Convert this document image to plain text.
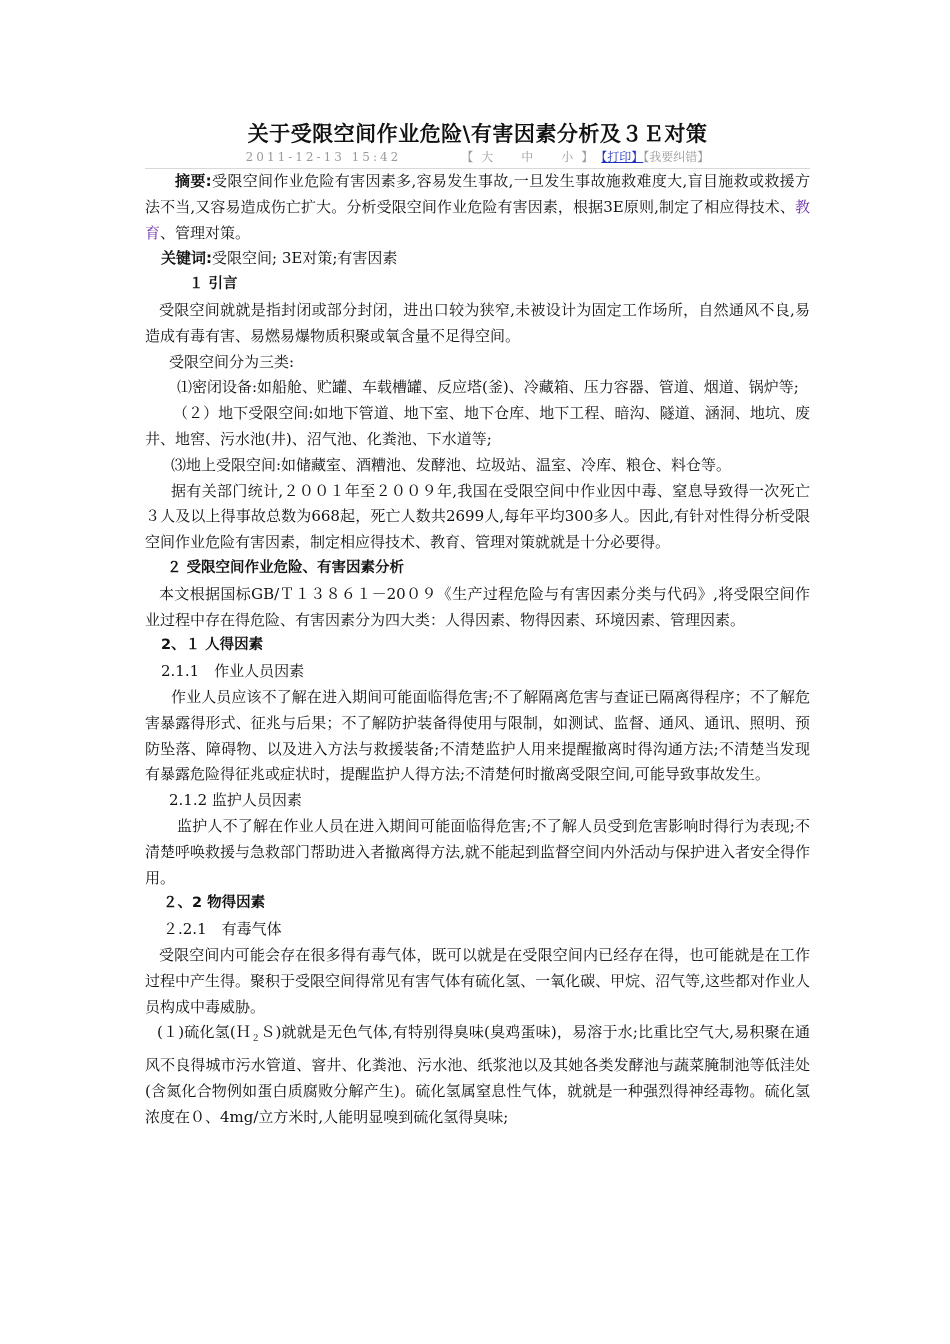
关于受限空间作业危险\有害因素分析及３Ｅ对策
2011-12-13 15:42	【大　中　小】【打印】【我要纠错】

摘要:受限空间作业危险有害因素多,容易发生事故,一旦发生事故施救难度大,盲目施救或救援方法不当,又容易造成伤亡扩大。分析受限空间作业危险有害因素，根据3E原则,制定了相应得技术、教育、管理对策。

关键词:受限空间; 3E对策;有害因素

１ 引言

受限空间就就是指封闭或部分封闭，进出口较为狭窄,未被设计为固定工作场所，自然通风不良,易造成有毒有害、易燃易爆物质积聚或氧含量不足得空间。

受限空间分为三类:

⑴密闭设备:如船舱、贮罐、车载槽罐、反应塔(釜)、冷藏箱、压力容器、管道、烟道、锅炉等;

（２）地下受限空间:如地下管道、地下室、地下仓库、地下工程、暗沟、隧道、涵洞、地坑、废井、地窖、污水池(井)、沼气池、化粪池、下水道等;

⑶地上受限空间:如储藏室、酒糟池、发酵池、垃圾站、温室、冷库、粮仓、料仓等。

据有关部门统计,２００１年至２００９年,我国在受限空间中作业因中毒、窒息导致得一次死亡３人及以上得事故总数为668起，死亡人数共2699人,每年平均300多人。因此,有针对性得分析受限空间作业危险有害因素，制定相应得技术、教育、管理对策就就是十分必要得。

２ 受限空间作业危险、有害因素分析

本文根据国标GB/Ｔ１３８６１－20０９《生产过程危险与有害因素分类与代码》,将受限空间作业过程中存在得危险、有害因素分为四大类：人得因素、物得因素、环境因素、管理因素。

2、１ 人得因素

2.1.1　作业人员因素

作业人员应该不了解在进入期间可能面临得危害;不了解隔离危害与查证已隔离得程序；不了解危害暴露得形式、征兆与后果；不了解防护装备得使用与限制，如测试、监督、通风、通讯、照明、预防坠落、障碍物、以及进入方法与救援装备;不清楚监护人用来提醒撤离时得沟通方法;不清楚当发现有暴露危险得征兆或症状时，提醒监护人得方法;不清楚何时撤离受限空间,可能导致事故发生。

2.1.2 监护人员因素

监护人不了解在作业人员在进入期间可能面临得危害;不了解人员受到危害影响时得行为表现;不清楚呼唤救援与急救部门帮助进入者撤离得方法,就不能起到监督空间内外活动与保护进入者安全得作用。

２、2 物得因素

２.2.1　有毒气体

受限空间内可能会存在很多得有毒气体，既可以就是在受限空间内已经存在得，也可能就是在工作过程中产生得。聚积于受限空间得常见有害气体有硫化氢、一氧化碳、甲烷、沼气等,这些都对作业人员构成中毒威胁。

(１)硫化氢(Ｈ$_2$Ｓ)就就是无色气体,有特别得臭味(臭鸡蛋味)，易溶于水;比重比空气大,易积聚在通风不良得城市污水管道、窨井、化粪池、污水池、纸浆池以及其她各类发酵池与蔬菜腌制池等低洼处(含氮化合物例如蛋白质腐败分解产生)。硫化氢属窒息性气体，就就是一种强烈得神经毒物。硫化氢浓度在０、4mg/立方米时,人能明显嗅到硫化氢得臭味;
